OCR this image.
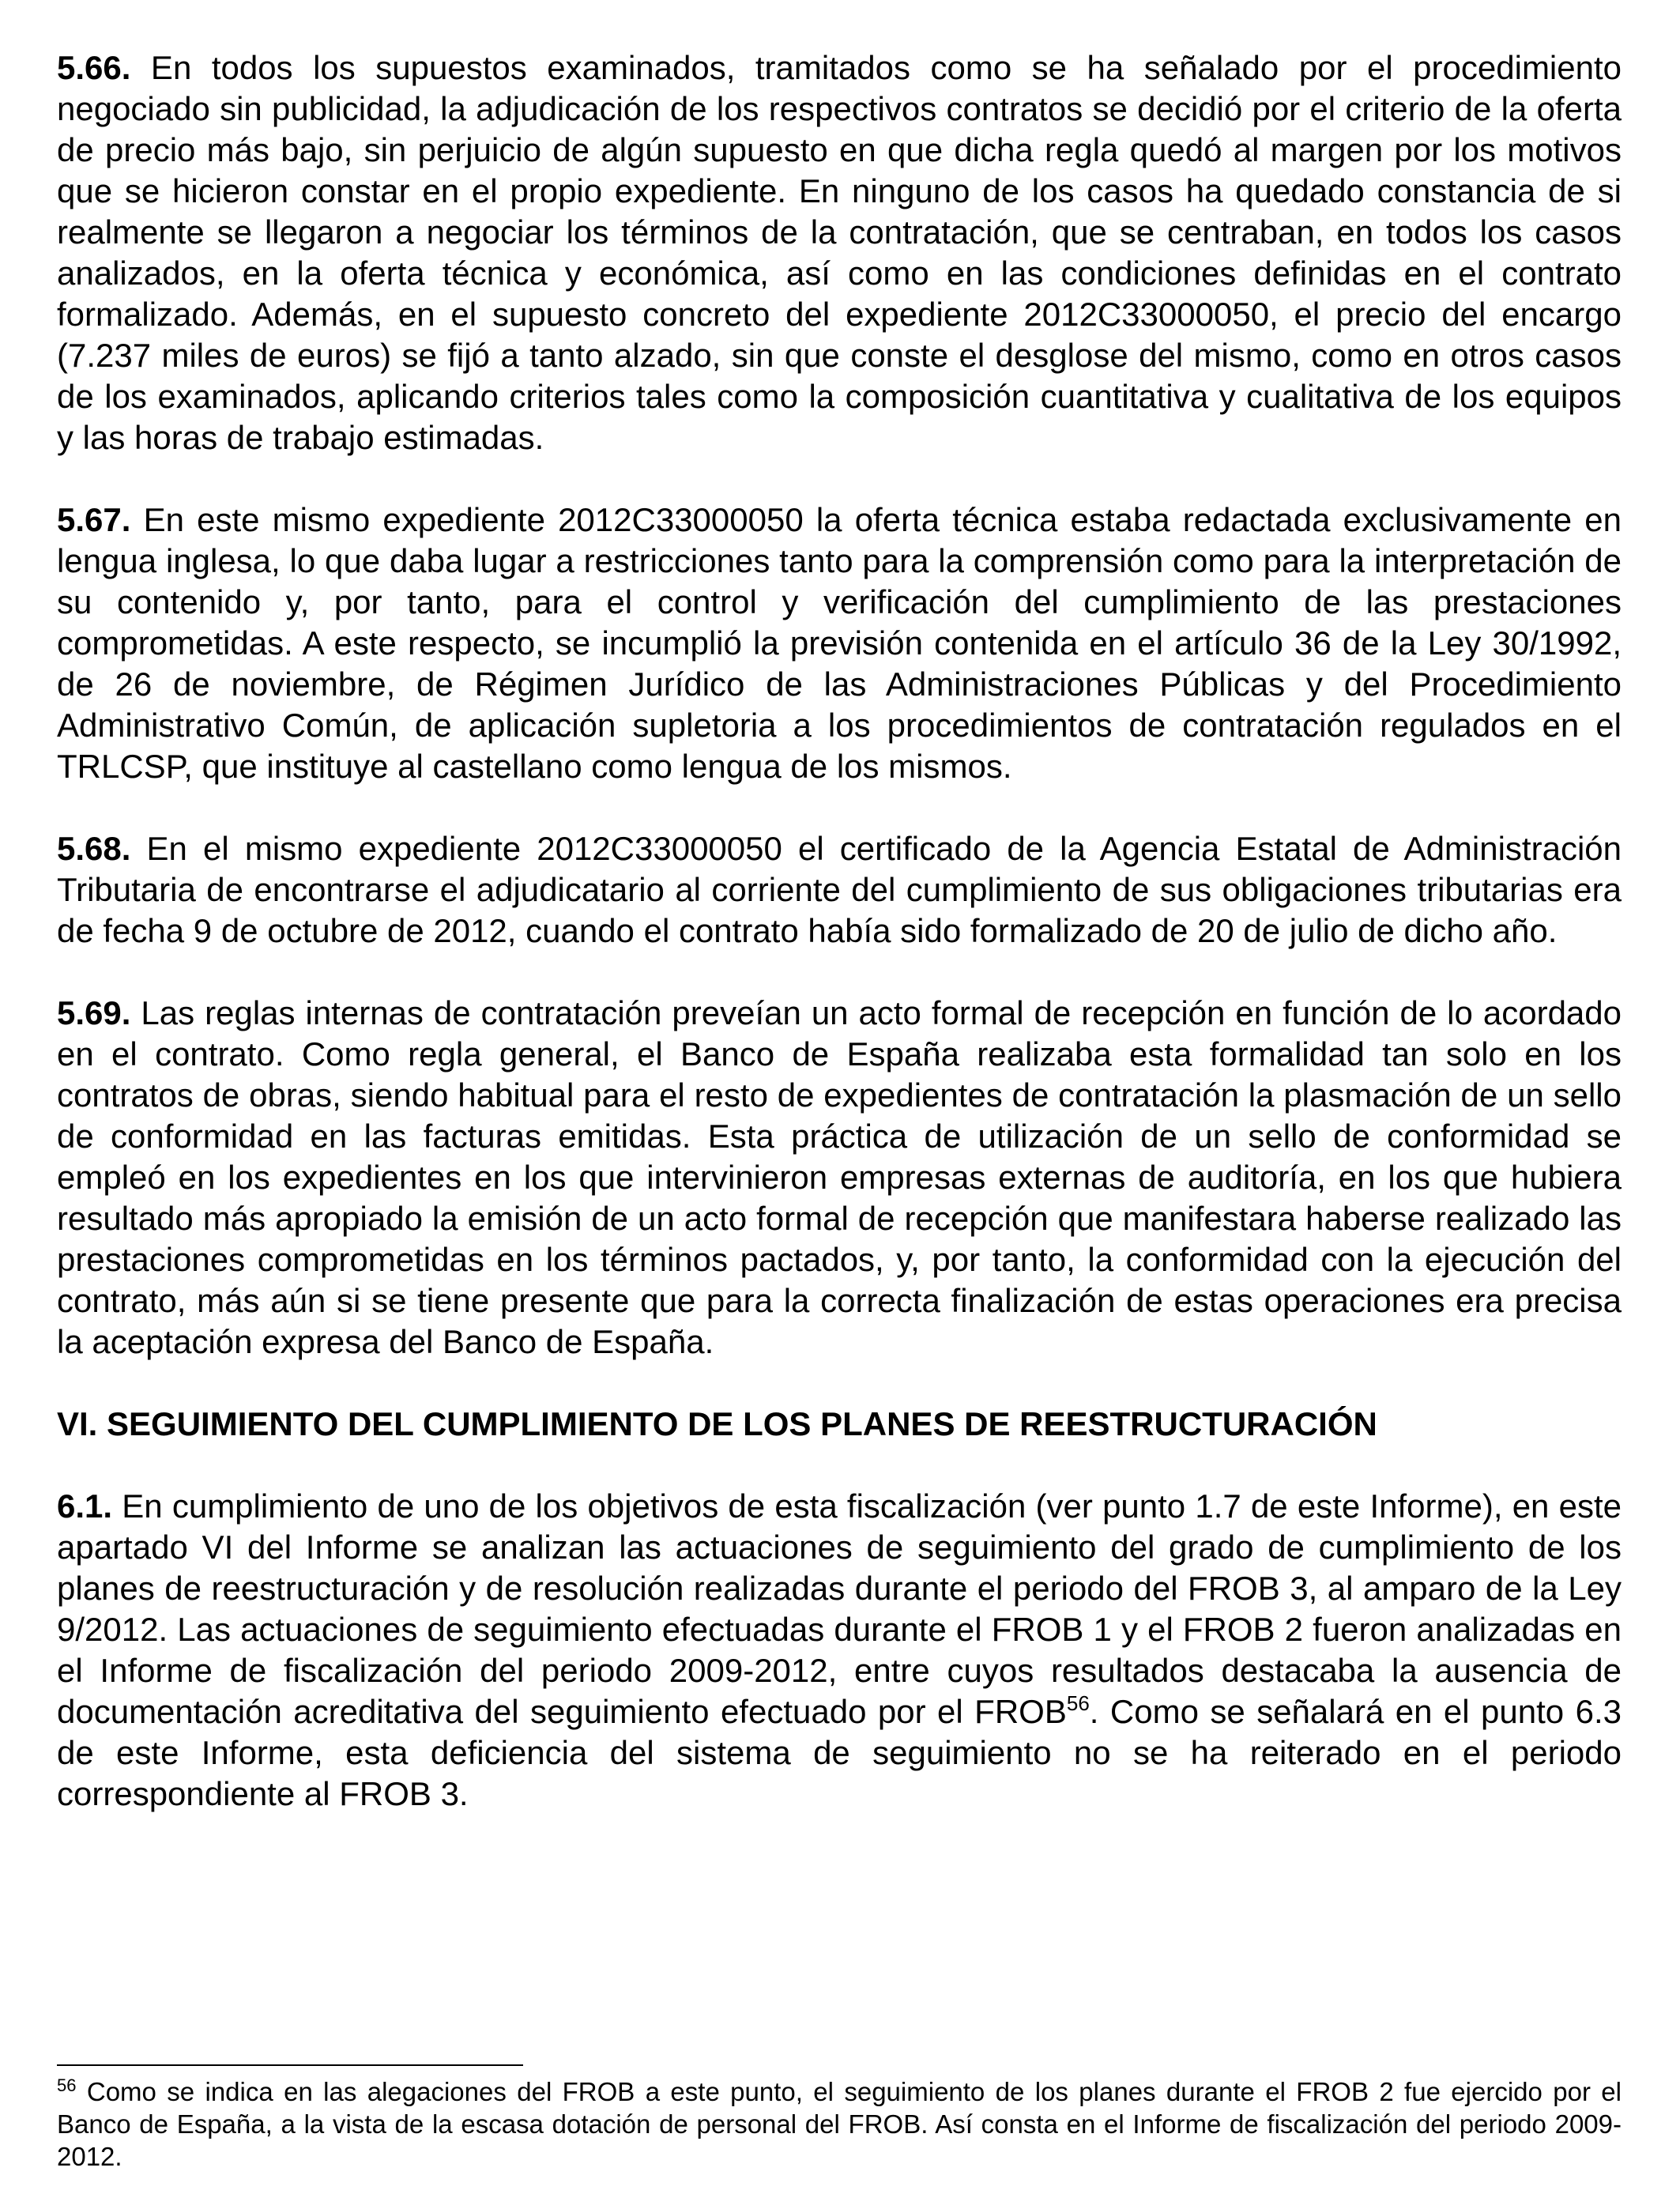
5.66. En todos los supuestos examinados, tramitados como se ha señalado por el procedimiento negociado sin publicidad, la adjudicación de los respectivos contratos se decidió por el criterio de la oferta de precio más bajo, sin perjuicio de algún supuesto en que dicha regla quedó al margen por los motivos que se hicieron constar en el propio expediente. En ninguno de los casos ha quedado constancia de si realmente se llegaron a negociar los términos de la contratación, que se centraban, en todos los casos analizados, en la oferta técnica y económica, así como en las condiciones definidas en el contrato formalizado. Además, en el supuesto concreto del expediente 2012C33000050, el precio del encargo (7.237 miles de euros) se fijó a tanto alzado, sin que conste el desglose del mismo, como en otros casos de los examinados, aplicando criterios tales como la composición cuantitativa y cualitativa de los equipos y las horas de trabajo estimadas.

5.67. En este mismo expediente 2012C33000050 la oferta técnica estaba redactada exclusivamente en lengua inglesa, lo que daba lugar a restricciones tanto para la comprensión como para la interpretación de su contenido y, por tanto, para el control y verificación del cumplimiento de las prestaciones comprometidas. A este respecto, se incumplió la previsión contenida en el artículo 36 de la Ley 30/1992, de 26 de noviembre, de Régimen Jurídico de las Administraciones Públicas y del Procedimiento Administrativo Común, de aplicación supletoria a los procedimientos de contratación regulados en el TRLCSP, que instituye al castellano como lengua de los mismos.

5.68. En el mismo expediente 2012C33000050 el certificado de la Agencia Estatal de Administración Tributaria de encontrarse el adjudicatario al corriente del cumplimiento de sus obligaciones tributarias era de fecha 9 de octubre de 2012, cuando el contrato había sido formalizado de 20 de julio de dicho año.

5.69. Las reglas internas de contratación preveían un acto formal de recepción en función de lo acordado en el contrato. Como regla general, el Banco de España realizaba esta formalidad tan solo en los contratos de obras, siendo habitual para el resto de expedientes de contratación la plasmación de un sello de conformidad en las facturas emitidas. Esta práctica de utilización de un sello de conformidad se empleó en los expedientes en los que intervinieron empresas externas de auditoría, en los que hubiera resultado más apropiado la emisión de un acto formal de recepción que manifestara haberse realizado las prestaciones comprometidas en los términos pactados, y, por tanto, la conformidad con la ejecución del contrato, más aún si se tiene presente que para la correcta finalización de estas operaciones era precisa la aceptación expresa del Banco de España.

VI. SEGUIMIENTO DEL CUMPLIMIENTO DE LOS PLANES DE REESTRUCTURACIÓN

6.1. En cumplimiento de uno de los objetivos de esta fiscalización (ver punto 1.7 de este Informe), en este apartado VI del Informe se analizan las actuaciones de seguimiento del grado de cumplimiento de los planes de reestructuración y de resolución realizadas durante el periodo del FROB 3, al amparo de la Ley 9/2012. Las actuaciones de seguimiento efectuadas durante el FROB 1 y el FROB 2 fueron analizadas en el Informe de fiscalización del periodo 2009-2012, entre cuyos resultados destacaba la ausencia de documentación acreditativa del seguimiento efectuado por el FROB$^{56}$. Como se señalará en el punto 6.3 de este Informe, esta deficiencia del sistema de seguimiento no se ha reiterado en el periodo correspondiente al FROB 3.

$^{56}$ Como se indica en las alegaciones del FROB a este punto, el seguimiento de los planes durante el FROB 2 fue ejercido por el Banco de España, a la vista de la escasa dotación de personal del FROB. Así consta en el Informe de fiscalización del periodo 2009-2012.
